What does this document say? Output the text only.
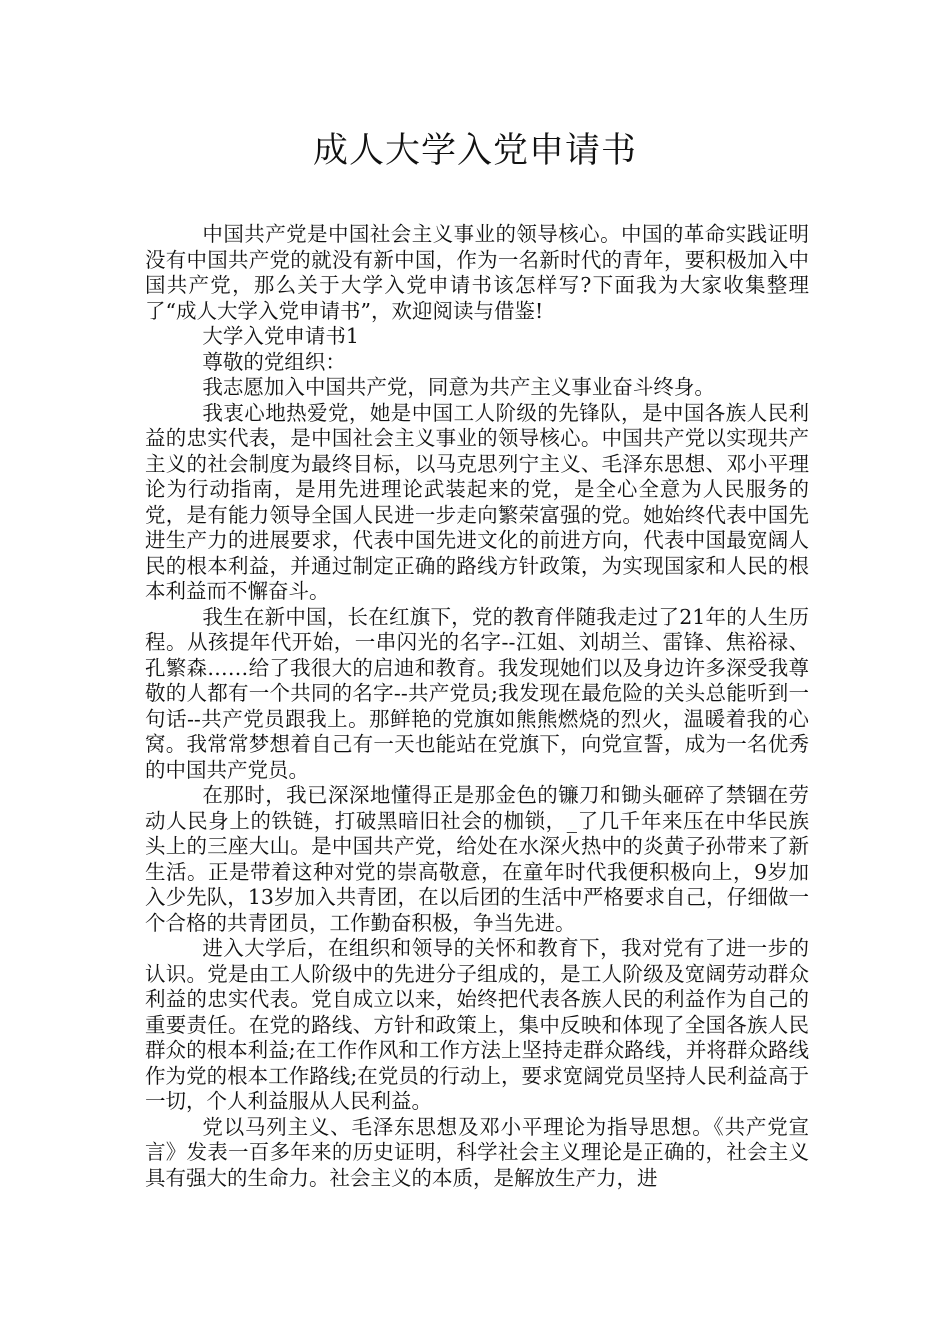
成人大学入党申请书

中国共产党是中国社会主义事业的领导核心。中国的革命实践证明没有中国共产党的就没有新中国，作为一名新时代的青年，要积极加入中国共产党，那么关于大学入党申请书该怎样写?下面我为大家收集整理了“成人大学入党申请书”，欢迎阅读与借鉴!

大学入党申请书1

尊敬的党组织：

我志愿加入中国共产党，同意为共产主义事业奋斗终身。

我衷心地热爱党，她是中国工人阶级的先锋队，是中国各族人民利益的忠实代表，是中国社会主义事业的领导核心。中国共产党以实现共产主义的社会制度为最终目标，以马克思列宁主义、毛泽东思想、邓小平理论为行动指南，是用先进理论武装起来的党，是全心全意为人民服务的党，是有能力领导全国人民进一步走向繁荣富强的党。她始终代表中国先进生产力的进展要求，代表中国先进文化的前进方向，代表中国最宽阔人民的根本利益，并通过制定正确的路线方针政策，为实现国家和人民的根本利益而不懈奋斗。

我生在新中国，长在红旗下，党的教育伴随我走过了21年的人生历程。从孩提年代开始，一串闪光的名字--江姐、刘胡兰、雷锋、焦裕禄、孔繁森……给了我很大的启迪和教育。我发现她们以及身边许多深受我尊敬的人都有一个共同的名字--共产党员;我发现在最危险的关头总能听到一句话--共产党员跟我上。那鲜艳的党旗如熊熊燃烧的烈火，温暖着我的心窝。我常常梦想着自己有一天也能站在党旗下，向党宣誓，成为一名优秀的中国共产党员。

在那时，我已深深地懂得正是那金色的镰刀和锄头砸碎了禁锢在劳动人民身上的铁链，打破黑暗旧社会的枷锁，_了几千年来压在中华民族头上的三座大山。是中国共产党，给处在水深火热中的炎黄子孙带来了新生活。正是带着这种对党的崇高敬意，在童年时代我便积极向上，9岁加入少先队，13岁加入共青团，在以后团的生活中严格要求自己，仔细做一个合格的共青团员，工作勤奋积极，争当先进。

进入大学后，在组织和领导的关怀和教育下，我对党有了进一步的认识。党是由工人阶级中的先进分子组成的，是工人阶级及宽阔劳动群众利益的忠实代表。党自成立以来，始终把代表各族人民的利益作为自己的重要责任。在党的路线、方针和政策上，集中反映和体现了全国各族人民群众的根本利益;在工作作风和工作方法上坚持走群众路线，并将群众路线作为党的根本工作路线;在党员的行动上，要求宽阔党员坚持人民利益高于一切，个人利益服从人民利益。

党以马列主义、毛泽东思想及邓小平理论为指导思想。《共产党宣言》发表一百多年来的历史证明，科学社会主义理论是正确的，社会主义具有强大的生命力。社会主义的本质，是解放生产力，进
